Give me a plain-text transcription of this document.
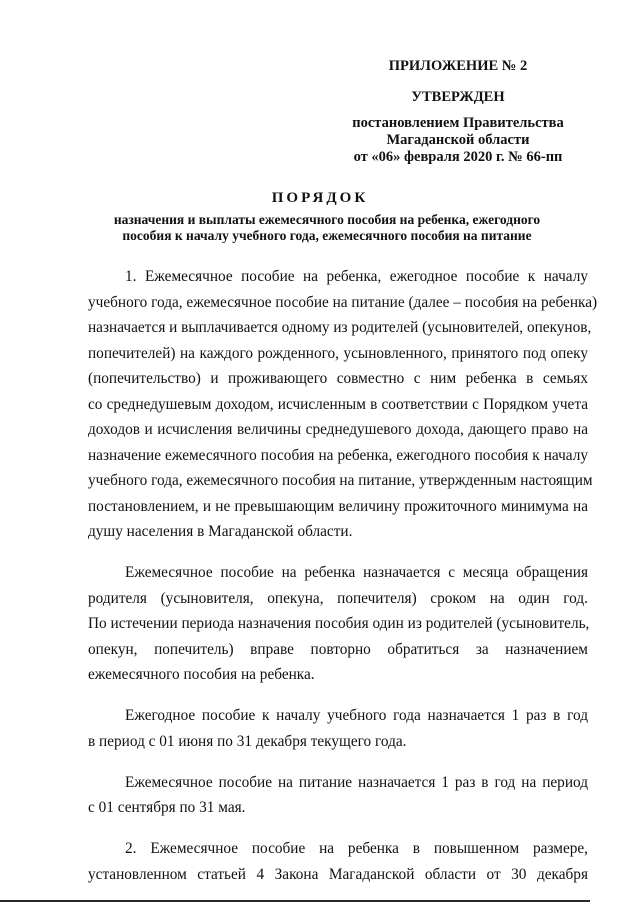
ПРИЛОЖЕНИЕ № 2
УТВЕРЖДЕН
постановлением Правительства
Магаданской области
от «06» февраля 2020 г. № 66-пп
ПОРЯДОК
назначения и выплаты ежемесячного пособия на ребенка, ежегодного
пособия к началу учебного года, ежемесячного пособия на питание
1. Ежемесячное пособие на ребенка, ежегодное пособие к началу
учебного года, ежемесячное пособие на питание (далее – пособия на ребенка)
назначается и выплачивается одному из родителей (усыновителей, опекунов,
попечителей) на каждого рожденного, усыновленного, принятого под опеку
(попечительство) и проживающего совместно с ним ребенка в семьях
со среднедушевым доходом, исчисленным в соответствии с Порядком учета
доходов и исчисления величины среднедушевого дохода, дающего право на
назначение ежемесячного пособия на ребенка, ежегодного пособия к началу
учебного года, ежемесячного пособия на питание, утвержденным настоящим
постановлением, и не превышающим величину прожиточного минимума на
душу населения в Магаданской области.
Ежемесячное пособие на ребенка назначается с месяца обращения
родителя (усыновителя, опекуна, попечителя) сроком на один год.
По истечении периода назначения пособия один из родителей (усыновитель,
опекун, попечитель) вправе повторно обратиться за назначением
ежемесячного пособия на ребенка.
Ежегодное пособие к началу учебного года назначается 1 раз в год
в период с 01 июня по 31 декабря текущего года.
Ежемесячное пособие на питание назначается 1 раз в год на период
с 01 сентября по 31 мая.
2. Ежемесячное пособие на ребенка в повышенном размере,
установленном статьей 4 Закона Магаданской области от 30 декабря
